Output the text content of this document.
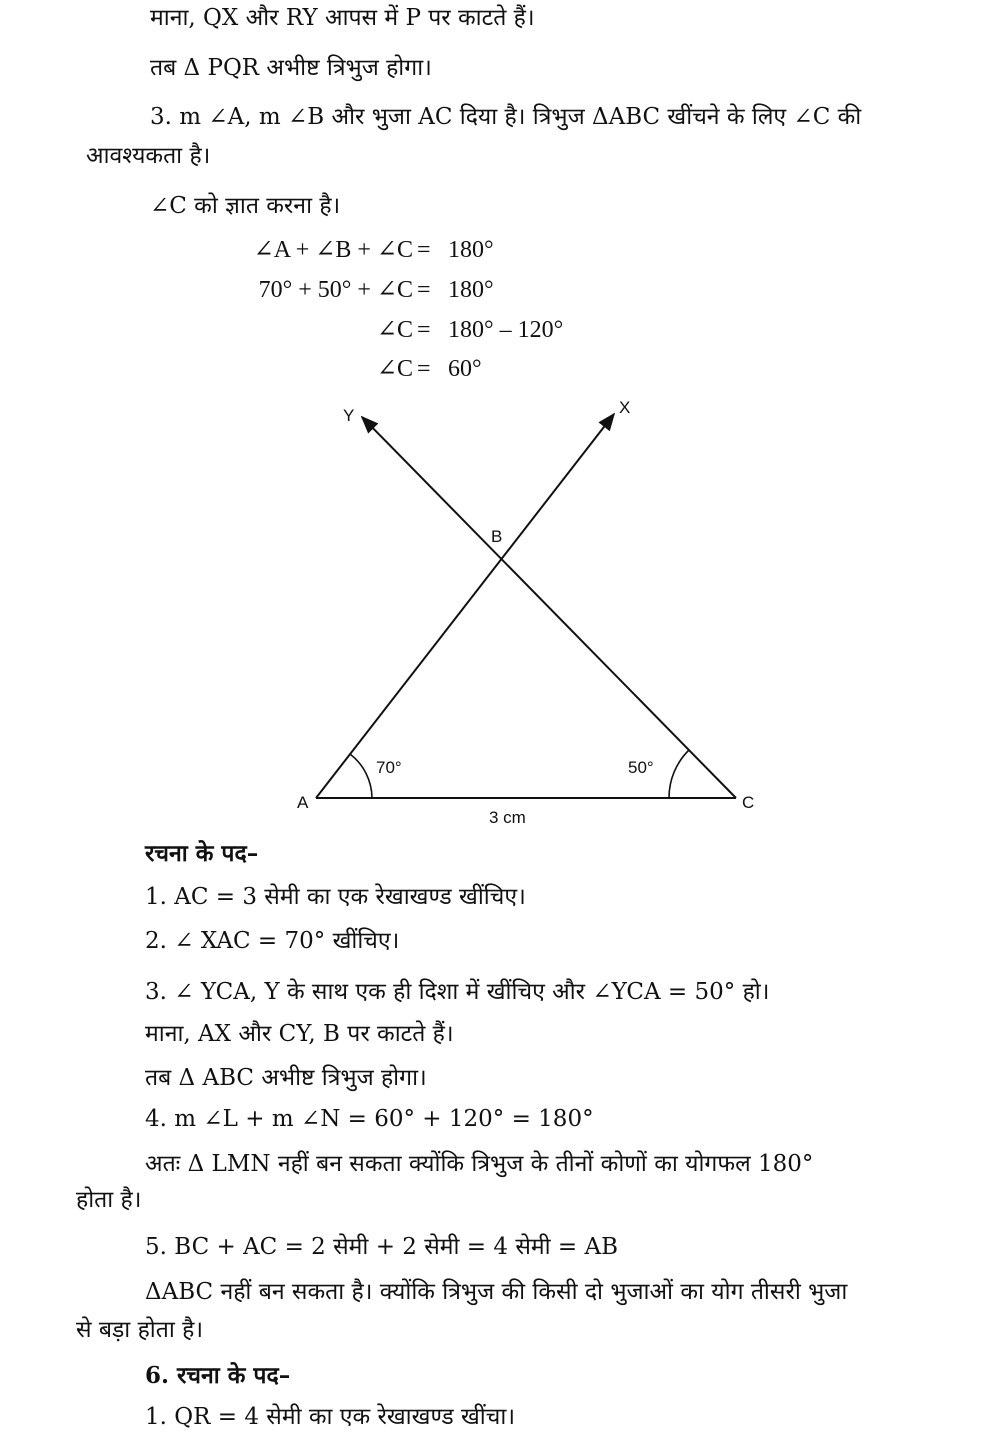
माना, QX और RY आपस में P पर काटते हैं।
तब Δ PQR अभीष्ट त्रिभुज होगा।
3. m ∠A, m ∠B और भुजा AC दिया है। त्रिभुज ΔABC खींचने के लिए ∠C की
आवश्यकता है।
∠C को ज्ञात करना है।
∠A + ∠B + ∠C = 180°
70° + 50° + ∠C = 180°
∠C = 180° – 120°
∠C = 60°
Y	X
B
A	C
70°	50°
3 cm
रचना के पद–
1. AC = 3 सेमी का एक रेखाखण्ड खींचिए।
2. ∠ XAC = 70° खींचिए।
3. ∠ YCA, Y के साथ एक ही दिशा में खींचिए और ∠YCA = 50° हो।
माना, AX और CY, B पर काटते हैं।
तब Δ ABC अभीष्ट त्रिभुज होगा।
4. m ∠L + m ∠N = 60° + 120° = 180°
अतः Δ LMN नहीं बन सकता क्योंकि त्रिभुज के तीनों कोणों का योगफल 180°
होता है।
5. BC + AC = 2 सेमी + 2 सेमी = 4 सेमी = AB
ΔABC नहीं बन सकता है। क्योंकि त्रिभुज की किसी दो भुजाओं का योग तीसरी भुजा
से बड़ा होता है।
6. रचना के पद–
1. QR = 4 सेमी का एक रेखाखण्ड खींचा।
